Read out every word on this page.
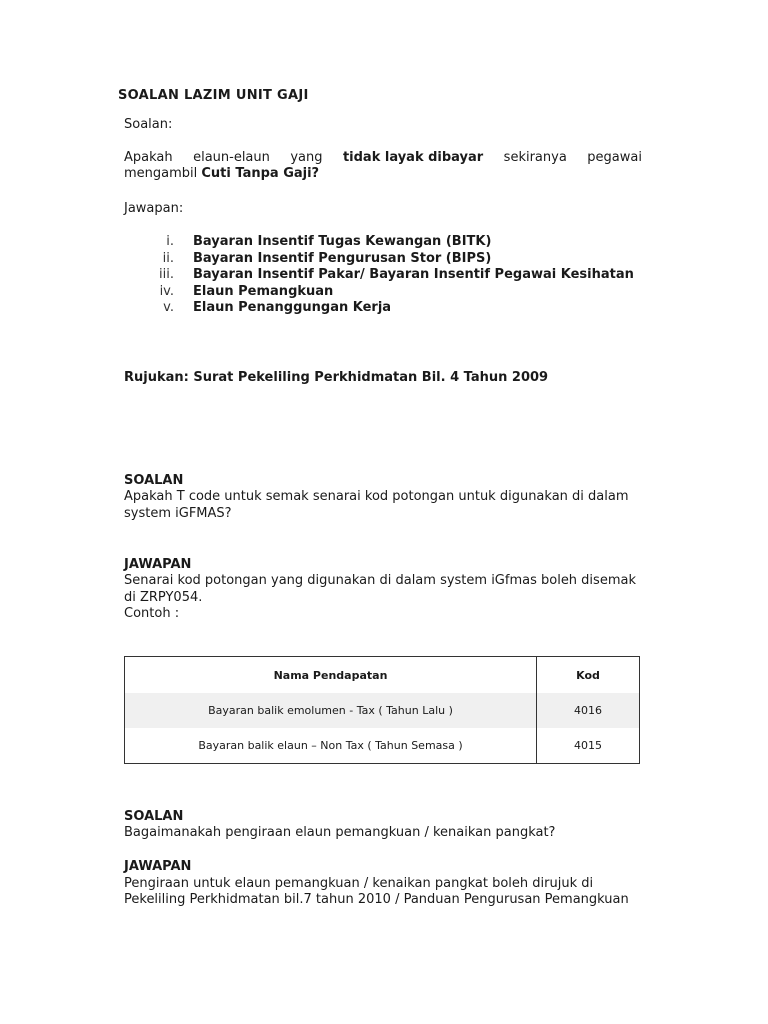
SOALAN LAZIM UNIT GAJI
Soalan:
Apakah elaun-elaun yang tidak layak dibayar sekiranya pegawai
mengambil Cuti Tanpa Gaji?
Jawapan:
i.	Bayaran Insentif Tugas Kewangan (BITK)
ii.	Bayaran Insentif Pengurusan Stor (BIPS)
iii.	Bayaran Insentif Pakar/ Bayaran Insentif Pegawai Kesihatan
iv.	Elaun Pemangkuan
v.	Elaun Penanggungan Kerja
Rujukan: Surat Pekeliling Perkhidmatan Bil. 4 Tahun 2009
SOALAN
Apakah T code untuk semak senarai kod potongan untuk digunakan di dalam system iGFMAS?
JAWAPAN
Senarai kod potongan yang digunakan di dalam system iGfmas boleh disemak di ZRPY054.
Contoh :
Nama Pendapatan	Kod
Bayaran balik emolumen - Tax ( Tahun Lalu )	4016
Bayaran balik elaun – Non Tax ( Tahun Semasa )	4015
SOALAN
Bagaimanakah pengiraan elaun pemangkuan / kenaikan pangkat?
JAWAPAN
Pengiraan untuk elaun pemangkuan / kenaikan pangkat boleh dirujuk di
Pekeliling Perkhidmatan bil.7 tahun 2010 / Panduan Pengurusan Pemangkuan
